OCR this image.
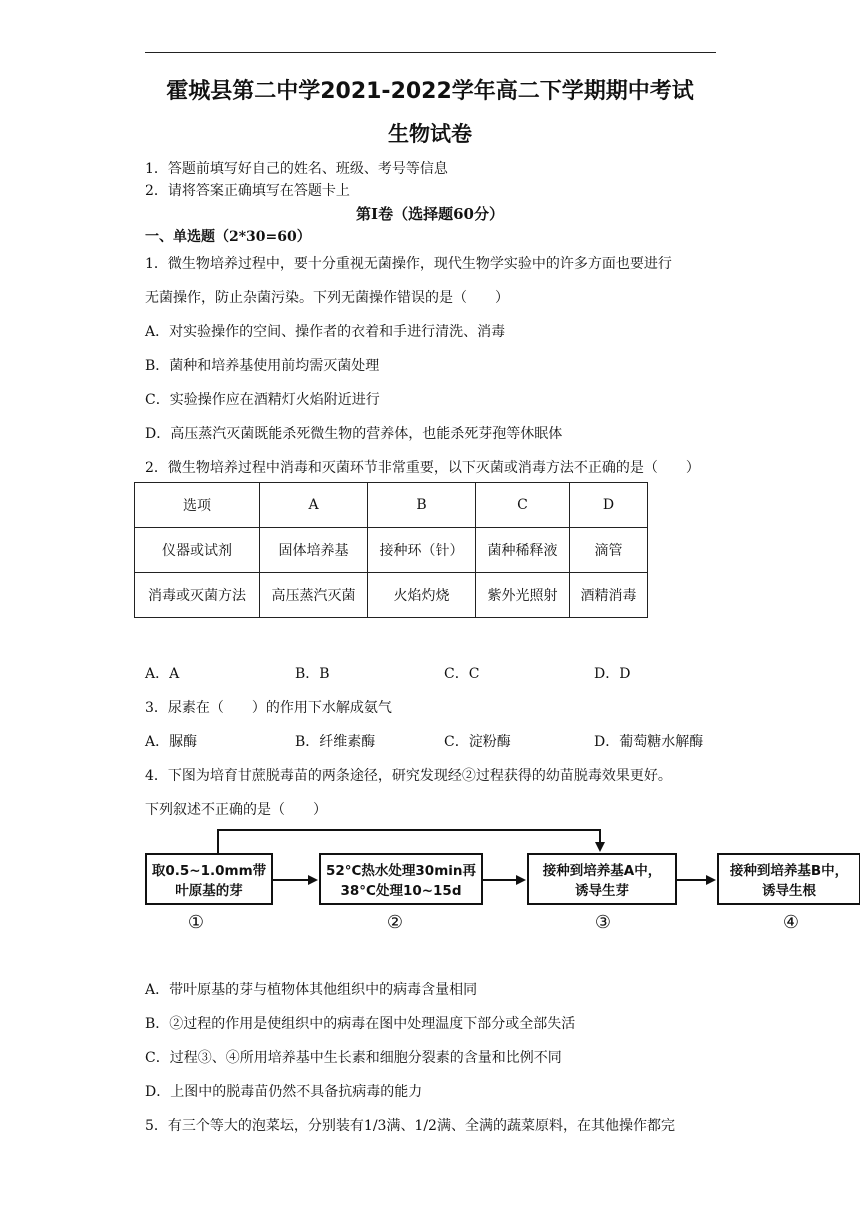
霍城县第二中学2021-2022学年高二下学期期中考试
生物试卷
1．答题前填写好自己的姓名、班级、考号等信息
2．请将答案正确填写在答题卡上
第I卷（选择题60分）
一、单选题（2*30=60）
1．微生物培养过程中，要十分重视无菌操作，现代生物学实验中的许多方面也要进行
无菌操作，防止杂菌污染。下列无菌操作错误的是（　　）
A．对实验操作的空间、操作者的衣着和手进行清洗、消毒
B．菌种和培养基使用前均需灭菌处理
C．实验操作应在酒精灯火焰附近进行
D．高压蒸汽灭菌既能杀死微生物的营养体，也能杀死芽孢等休眠体
2．微生物培养过程中消毒和灭菌环节非常重要，以下灭菌或消毒方法不正确的是（　　）
选项	A	B	C	D
仪器或试剂	固体培养基	接种环（针）	菌种稀释液	滴管
消毒或灭菌方法	高压蒸汽灭菌	火焰灼烧	紫外光照射	酒精消毒
A．A	B．B	C．C	D．D
3．尿素在（　　）的作用下水解成氨气
A．脲酶	B．纤维素酶	C．淀粉酶	D．葡萄糖水解酶
4．下图为培育甘蔗脱毒苗的两条途径，研究发现经②过程获得的幼苗脱毒效果更好。
下列叙述不正确的是（　　）
取0.5~1.0mm带
叶原基的芽
52°C热水处理30min再
38°C处理10~15d
接种到培养基A中，
诱导生芽
接种到培养基B中，
诱导生根
①	②	③	④
A．带叶原基的芽与植物体其他组织中的病毒含量相同
B．②过程的作用是使组织中的病毒在图中处理温度下部分或全部失活
C．过程③、④所用培养基中生长素和细胞分裂素的含量和比例不同
D．上图中的脱毒苗仍然不具备抗病毒的能力
5．有三个等大的泡菜坛，分别装有1/3满、1/2满、全满的蔬菜原料，在其他操作都完
